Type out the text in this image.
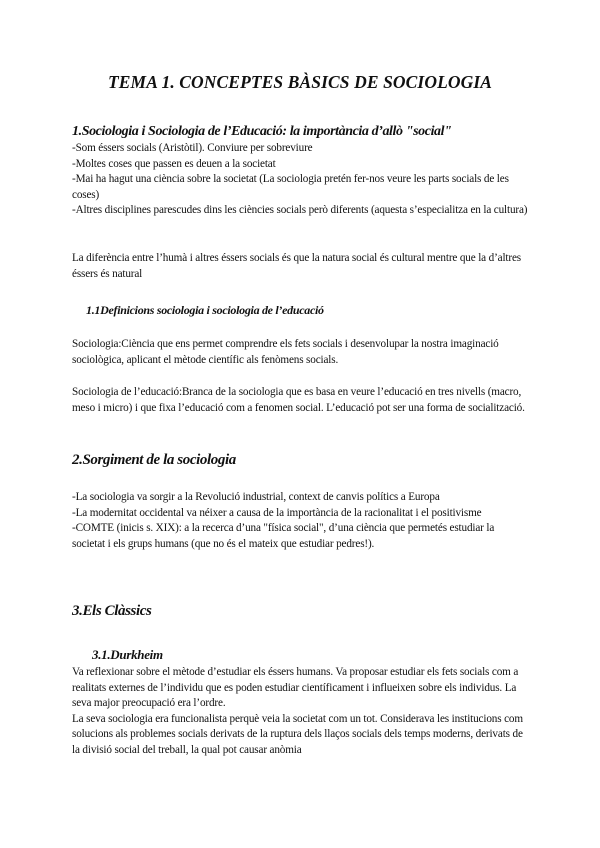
TEMA 1. CONCEPTES BÀSICS DE SOCIOLOGIA
1.Sociologia i Sociologia de l’Educació: la importància d’allò "social"

-Som éssers socials (Aristòtil). Conviure per sobreviure

-Moltes coses que passen es deuen a la societat

-Mai ha hagut una ciència sobre la societat (La sociologia pretén fer-nos veure les parts socials de les coses)

-Altres disciplines parescudes dins les ciències socials però diferents (aquesta s’especialitza en la cultura)

La diferència entre l’humà i altres éssers socials és que la natura social és cultural mentre que la d’altres éssers és natural
1.1Definicions sociologia i sociologia de l’educació
Sociologia:Ciència que ens permet comprendre els fets socials i desenvolupar la nostra imaginació sociològica, aplicant el mètode científic als fenòmens socials.
Sociologia de l’educació:Branca de la sociologia que es basa en veure l’educació en tres nivells (macro, meso i micro) i que fixa l’educació com a fenomen social. L’educació pot ser una forma de socialització.
2.Sorgiment de la sociologia

-La sociologia va sorgir a la Revolució industrial, context de canvis polítics a Europa

-La modernitat occidental va néixer a causa de la importància de la racionalitat i el positivisme

-COMTE (inicis s. XIX): a la recerca d’una "física social", d’una ciència que permetés estudiar la societat i els grups humans (que no és el mateix que estudiar pedres!).

3.Els Clàssics
3.1.Durkheim

Va reflexionar sobre el mètode d’estudiar els éssers humans. Va proposar estudiar els fets socials com a realitats externes de l’individu que es poden estudiar científicament i influeixen sobre els individus. La seva major preocupació era l’ordre.

La seva sociologia era funcionalista perquè veia la societat com un tot. Considerava les institucions com solucions als problemes socials derivats de la ruptura dels llaços socials dels temps moderns, derivats de la divisió social del treball, la qual pot causar anòmia
